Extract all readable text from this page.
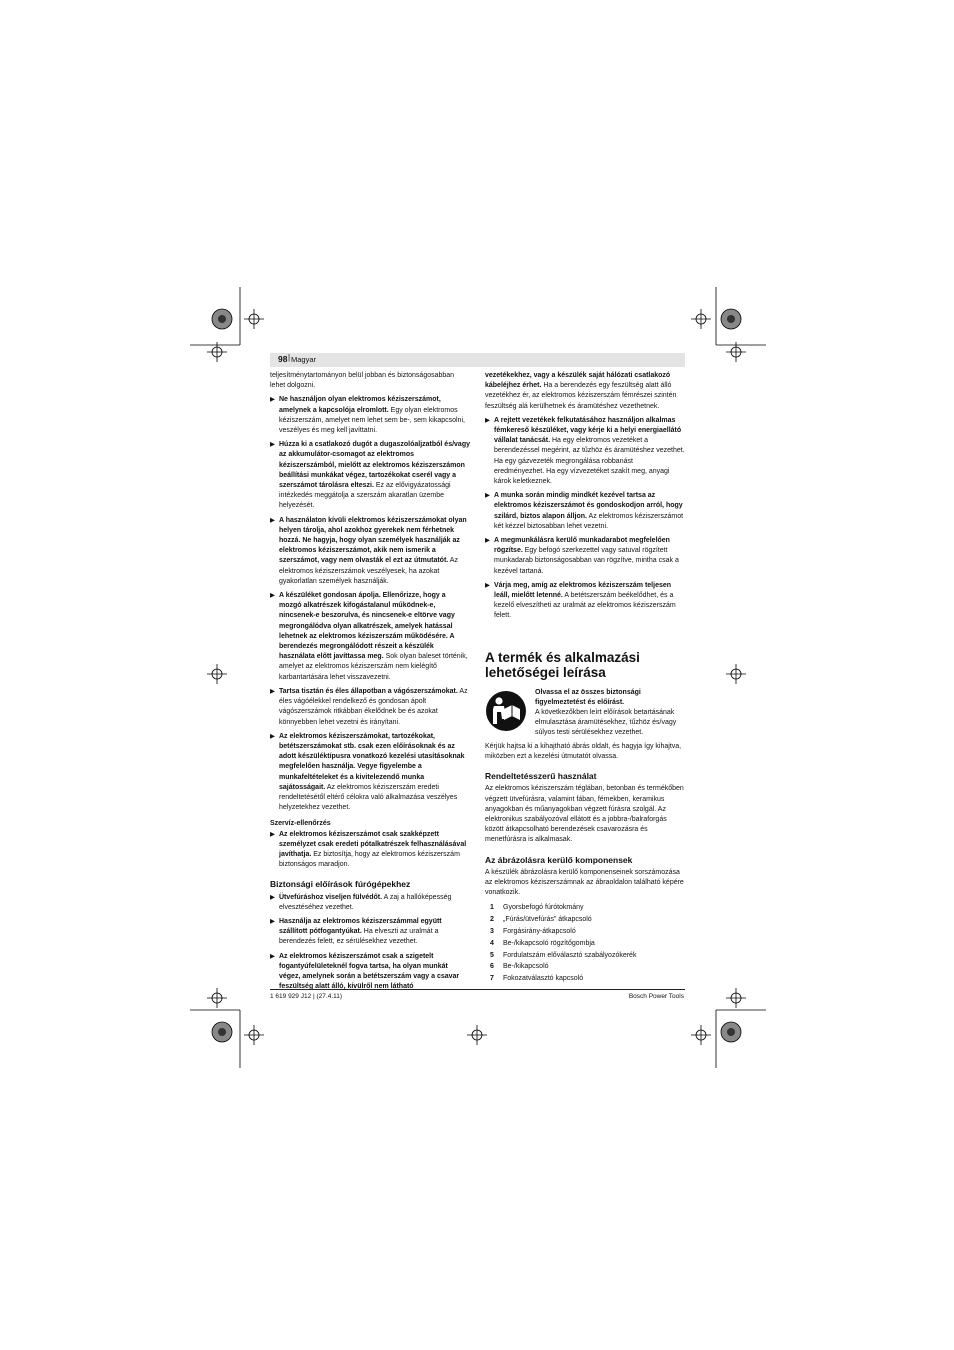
98 | Magyar

teljesítménytartományon belül jobban és biztonságosabban lehet dolgozni.

▶ Ne használjon olyan elektromos kéziszerszámot, amelynek a kapcsolója elromlott. Egy olyan elektromos kéziszerszám, amelyet nem lehet sem be-, sem kikapcsolni, veszélyes és meg kell javíttatni.
▶ Húzza ki a csatlakozó dugót a dugaszolóaljzatból és/vagy az akkumulátor-csomagot az elektromos kéziszerszámból, mielőtt az elektromos kéziszerszámon beállítási munkákat végez, tartozékokat cserél vagy a szerszámot tárolásra elteszi. Ez az elővigyázatossági intézkedés meggátolja a szerszám akaratlan üzembe helyezését.
▶ A használaton kívüli elektromos kéziszerszámokat olyan helyen tárolja, ahol azokhoz gyerekek nem férhetnek hozzá. Ne hagyja, hogy olyan személyek használják az elektromos kéziszerszámot, akik nem ismerik a szerszámot, vagy nem olvasták el ezt az útmutatót. Az elektromos kéziszerszámok veszélyesek, ha azokat gyakorlatlan személyek használják.
▶ A készüléket gondosan ápolja. Ellenőrizze, hogy a mozgó alkatrészek kifogástalanul működnek-e, nincsenek-e beszorulva, és nincsenek-e eltörve vagy megrongálódva olyan alkatrészek, amelyek hatással lehetnek az elektromos kéziszerszám működésére. A berendezés megrongálódott részeit a készülék használata előtt javíttassa meg. Sok olyan baleset történik, amelyet az elektromos kéziszerszám nem kielégítő karbantartására lehet visszavezetni.
▶ Tartsa tisztán és éles állapotban a vágószerszámokat. Az éles vágóélekkel rendelkező és gondosan ápolt vágószerszámok ritkábban ékelődnek be és azokat könnyebben lehet vezetni és irányítani.
▶ Az elektromos kéziszerszámokat, tartozékokat, betétszerszámokat stb. csak ezen előírásoknak és az adott készüléktípusra vonatkozó kezelési utasításoknak megfelelően használja. Vegye figyelembe a munkafeltételeket és a kivitelezendő munka sajátosságait. Az elektromos kéziszerszám eredeti rendeltetésétől eltérő célokra való alkalmazása veszélyes helyzetekhez vezethet.
Szervíz-ellenőrzés
▶ Az elektromos kéziszerszámot csak szakképzett személyzet csak eredeti pótalkatrészek felhasználásával javíthatja. Ez biztosítja, hogy az elektromos kéziszerszám biztonságos maradjon.
Biztonsági előírások fúrógépekhez
▶ Ütvefúráshoz viseljen fülvédőt. A zaj a hallóképesség elvesztéséhez vezethet.
▶ Használja az elektromos kéziszerszámmal együtt szállított pótfogantyúkat. Ha elveszti az uralmát a berendezés felett, ez sérülésekhez vezethet.
▶ Az elektromos kéziszerszámot csak a szigetelt fogantyúfelületeknél fogva tartsa, ha olyan munkát végez, amelynek során a betétszerszám vagy a csavar feszültség alatt álló, kívülről nem látható

vezetékekhez, vagy a készülék saját hálózati csatlakozó kábeléjhez érhet. Ha a berendezés egy feszültség alatt álló vezetékhez ér, az elektromos kéziszerszám fémrészei szintén feszültség alá kerülhetnek és áramütéshez vezethetnek.

▶ A rejtett vezetékek felkutatásához használjon alkalmas fémkereső készüléket, vagy kérje ki a helyi energiaellátó vállalat tanácsát. Ha egy elektromos vezetéket a berendezéssel megérint, az tűzhöz és áramütéshez vezethet. Ha egy gázvezeték megrongálása robbanást eredményezhet. Ha egy vízvezetéket szakít meg, anyagi károk keletkeznek.
▶ A munka során mindig mindkét kezével tartsa az elektromos kéziszerszámot és gondoskodjon arról, hogy szilárd, biztos alapon álljon. Az elektromos kéziszerszámot két kézzel biztosabban lehet vezetni.
▶ A megmunkálásra kerülő munkadarabot megfelelően rögzítse. Egy befogó szerkezettel vagy satuval rögzített munkadarab biztonságosabban van rögzítve, mintha csak a kezével tartaná.
▶ Várja meg, amíg az elektromos kéziszerszám teljesen leáll, mielőtt letenné. A betétszerszám beékelődhet, és a kezelő elveszítheti az uralmát az elektromos kéziszerszám felett.
A termék és alkalmazási lehetőségei leírása
Olvassa el az összes biztonsági figyelmeztetést és előírást.
A következőkben leírt előírások betartásának elmulasztása áramütésekhez, tűzhöz és/vagy súlyos testi sérülésekhez vezethet.

Kérjük hajtsa ki a kihajtható ábrás oldalt, és hagyja így kihajtva, miközben ezt a kezelési útmutatót olvassa.

Rendeltetésszerű használat

Az elektromos kéziszerszám téglában, betonban és termékőben végzett ütvefúrásra, valamint fában, fémekben, keramikus anyagokban és műanyagokban végzett fúrásra szolgál. Az elektronikus szabályozóval ellátott és a jobbra-/balraforgás között átkapcsolható berendezések csavarozásra és menetfúrásra is alkalmasak.

Az ábrázolásra kerülő komponensek

A készülék ábrázolásra kerülő komponenseinek sorszámozása az elektromos kéziszerszámnak az ábraoldalon található képére vonatkozik.

1 Gyorsbefogó fúrótokmány
2 „Fúrás/ütvefúrás” átkapcsoló
3 Forgásirány-átkapcsoló
4 Be-/kikapcsoló rögzítőgombja
5 Fordulatszám előválasztó szabályozókerék
6 Be-/kikapcsoló
7 Fokozatválasztó kapcsoló
1 619 929 J12 | (27.4.11)	Bosch Power Tools
